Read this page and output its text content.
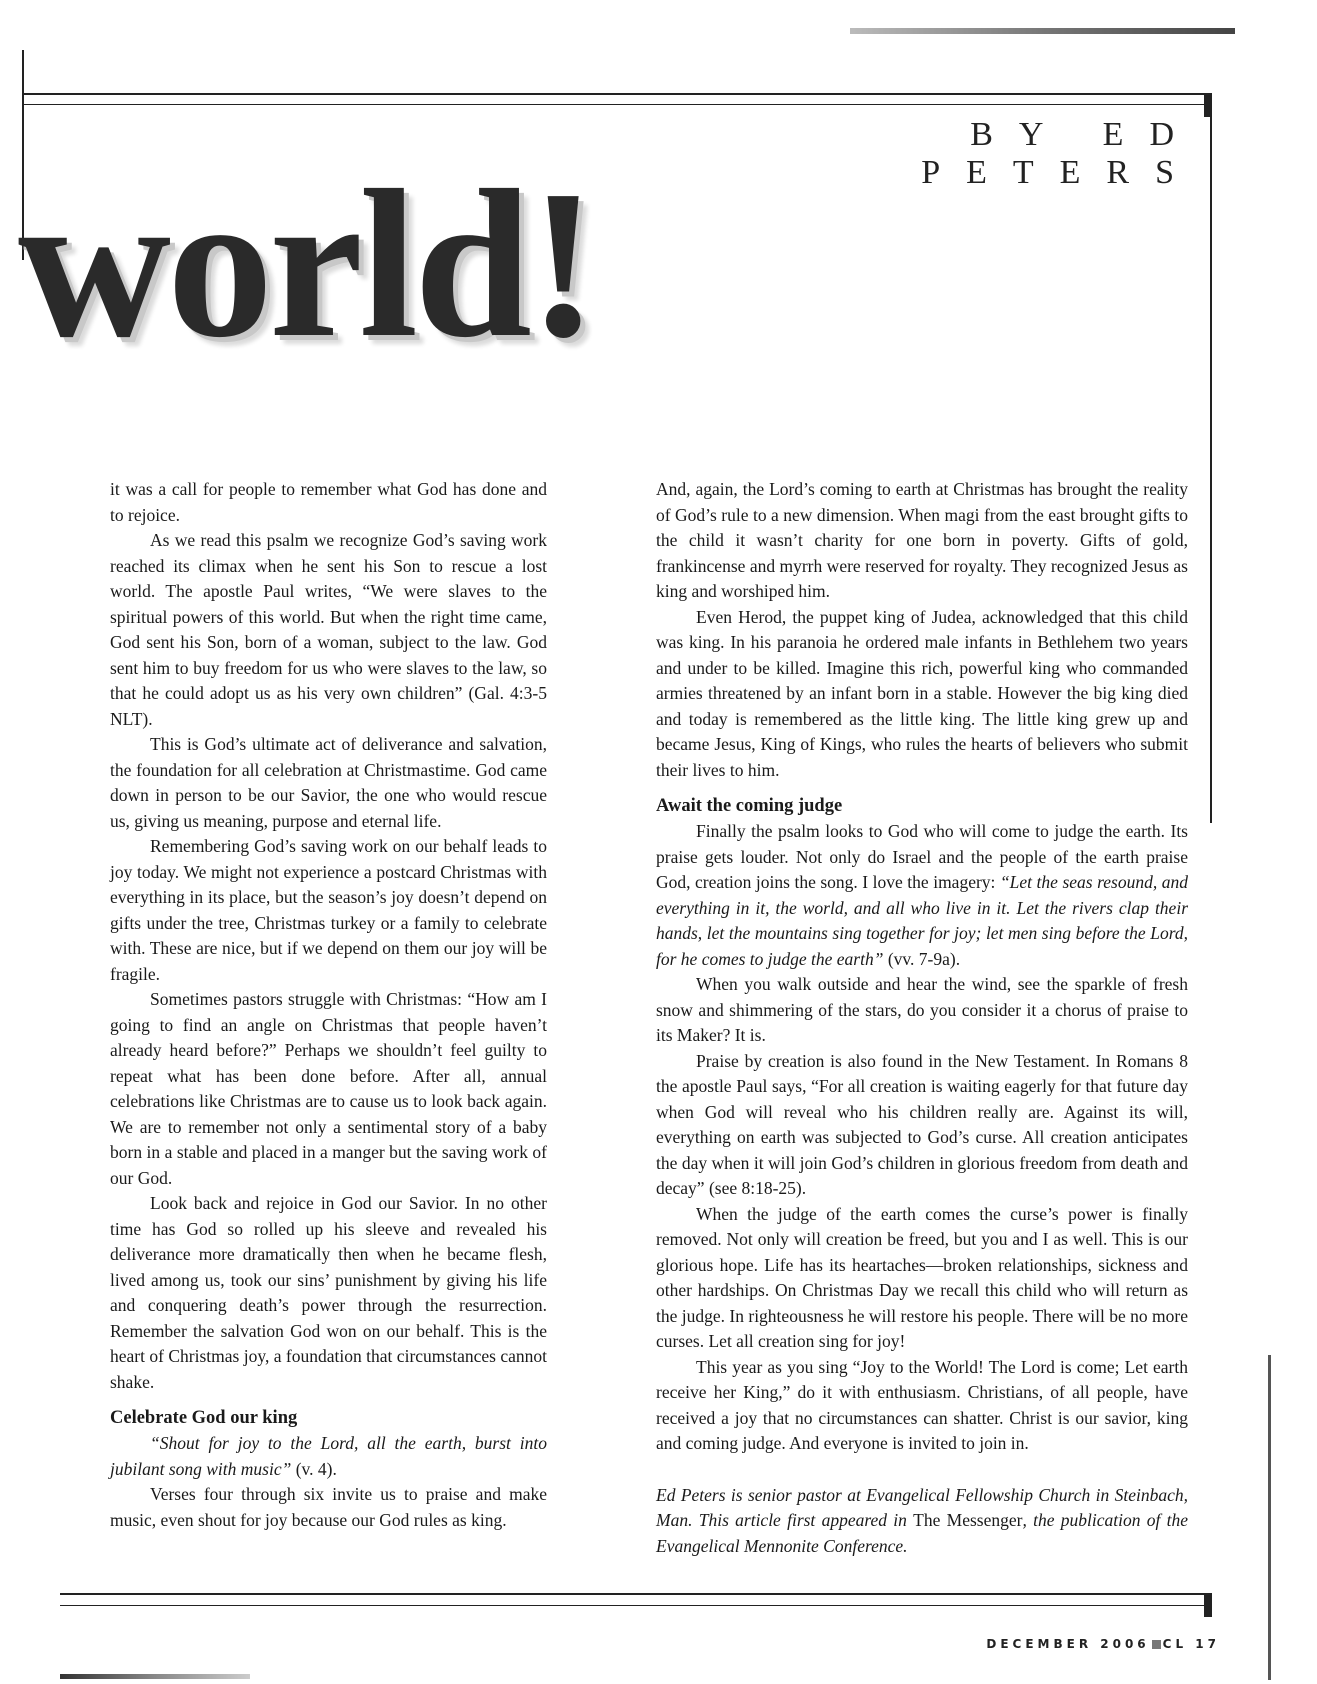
BY ED PETERS
world!

it was a call for people to remember what God has done and to rejoice.

As we read this psalm we recognize God’s saving work reached its climax when he sent his Son to rescue a lost world. The apostle Paul writes, “We were slaves to the spiritual powers of this world. But when the right time came, God sent his Son, born of a woman, subject to the law. God sent him to buy freedom for us who were slaves to the law, so that he could adopt us as his very own children” (Gal. 4:3-5 NLT).

This is God’s ultimate act of deliverance and salvation, the foundation for all celebration at Christmastime. God came down in person to be our Savior, the one who would rescue us, giving us meaning, purpose and eternal life.

Remembering God’s saving work on our behalf leads to joy today. We might not experience a postcard Christmas with everything in its place, but the season’s joy doesn’t depend on gifts under the tree, Christmas turkey or a family to celebrate with. These are nice, but if we depend on them our joy will be fragile.

Sometimes pastors struggle with Christmas: “How am I going to find an angle on Christmas that people haven’t already heard before?” Perhaps we shouldn’t feel guilty to repeat what has been done before. After all, annual celebrations like Christmas are to cause us to look back again. We are to remember not only a sentimental story of a baby born in a stable and placed in a manger but the saving work of our God.

Look back and rejoice in God our Savior. In no other time has God so rolled up his sleeve and revealed his deliverance more dramatically then when he became flesh, lived among us, took our sins’ punishment by giving his life and conquering death’s power through the resurrection. Remember the salvation God won on our behalf. This is the heart of Christmas joy, a foundation that circumstances cannot shake.

Celebrate God our king

“Shout for joy to the Lord, all the earth, burst into jubilant song with music” (v. 4).

Verses four through six invite us to praise and make music, even shout for joy because our God rules as king.

And, again, the Lord’s coming to earth at Christmas has brought the reality of God’s rule to a new dimension. When magi from the east brought gifts to the child it wasn’t charity for one born in poverty. Gifts of gold, frankincense and myrrh were reserved for royalty. They recognized Jesus as king and worshiped him.

Even Herod, the puppet king of Judea, acknowledged that this child was king. In his paranoia he ordered male infants in Bethlehem two years and under to be killed. Imagine this rich, powerful king who commanded armies threatened by an infant born in a stable. However the big king died and today is remembered as the little king. The little king grew up and became Jesus, King of Kings, who rules the hearts of believers who submit their lives to him.

Await the coming judge

Finally the psalm looks to God who will come to judge the earth. Its praise gets louder. Not only do Israel and the people of the earth praise God, creation joins the song. I love the imagery: “Let the seas resound, and everything in it, the world, and all who live in it. Let the rivers clap their hands, let the mountains sing together for joy; let men sing before the Lord, for he comes to judge the earth” (vv. 7-9a).

When you walk outside and hear the wind, see the sparkle of fresh snow and shimmering of the stars, do you consider it a chorus of praise to its Maker? It is.

Praise by creation is also found in the New Testament. In Romans 8 the apostle Paul says, “For all creation is waiting eagerly for that future day when God will reveal who his children really are. Against its will, everything on earth was subjected to God’s curse. All creation anticipates the day when it will join God’s children in glorious freedom from death and decay” (see 8:18-25).

When the judge of the earth comes the curse’s power is finally removed. Not only will creation be freed, but you and I as well. This is our glorious hope. Life has its heartaches—broken relationships, sickness and other hardships. On Christmas Day we recall this child who will return as the judge. In righteousness he will restore his people. There will be no more curses. Let all creation sing for joy!

This year as you sing “Joy to the World! The Lord is come; Let earth receive her King,” do it with enthusiasm. Christians, of all people, have received a joy that no circumstances can shatter. Christ is our savior, king and coming judge. And everyone is invited to join in.

Ed Peters is senior pastor at Evangelical Fellowship Church in Steinbach, Man. This article first appeared in The Messenger, the publication of the Evangelical Mennonite Conference.

DECEMBER 2006 CL 17
